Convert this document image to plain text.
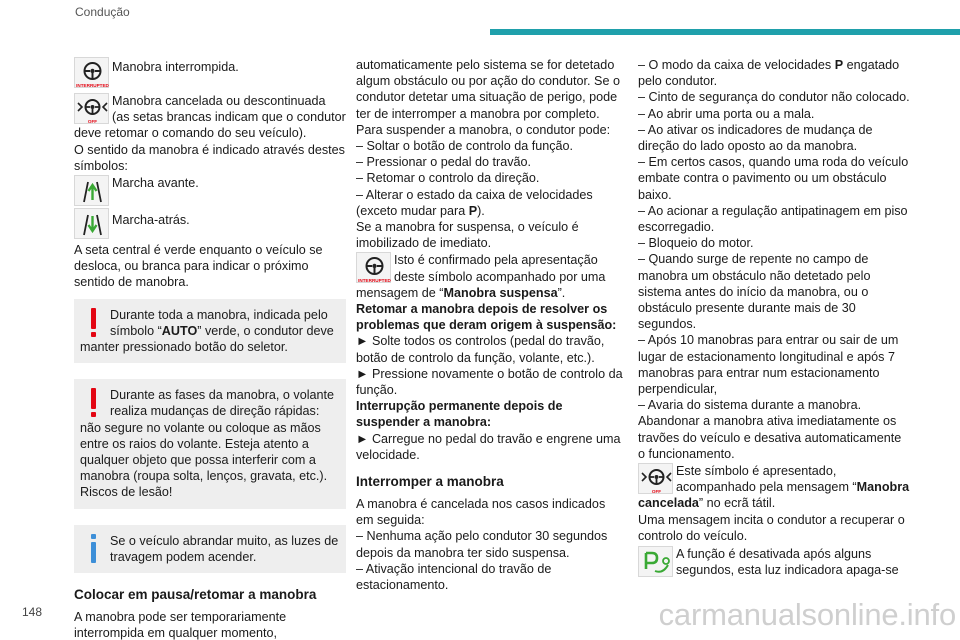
Condução
INTERRUPTED

Manobra interrompida.

OFF

Manobra cancelada ou descontinuada (as setas brancas indicam que o condutor deve retomar o comando do seu veículo).

O sentido da manobra é indicado através destes símbolos:

Marcha avante.

Marcha-atrás.

A seta central é verde enquanto o veículo se desloca, ou branca para indicar o próximo sentido de manobra.

Durante toda a manobra, indicada pelo símbolo “AUTO” verde, o condutor deve manter pressionado botão do seletor.

Durante as fases da manobra, o volante realiza mudanças de direção rápidas: não segure no volante ou coloque as mãos entre os raios do volante. Esteja atento a qualquer objeto que possa interferir com a manobra (roupa solta, lenços, gravata, etc.). Riscos de lesão!

Se o veículo abrandar muito, as luzes de travagem podem acender.

Colocar em pausa/retomar a manobra

A manobra pode ser temporariamente interrompida em qualquer momento,

automaticamente pelo sistema se for detetado algum obstáculo ou por ação do condutor. Se o condutor detetar uma situação de perigo, pode ter de interromper a manobra por completo.

Para suspender a manobra, o condutor pode:

– Soltar o botão de controlo da função.

– Pressionar o pedal do travão.

– Retomar o controlo da direção.

– Alterar o estado da caixa de velocidades (exceto mudar para P).

Se a manobra for suspensa, o veículo é imobilizado de imediato.

INTERRUPTED

Isto é confirmado pela apresentação deste símbolo acompanhado por uma mensagem de “Manobra suspensa”.

Retomar a manobra depois de resolver os problemas que deram origem à suspensão:

► Solte todos os controlos (pedal do travão, botão de controlo da função, volante, etc.).

► Pressione novamente o botão de controlo da função.

Interrupção permanente depois de suspender a manobra:

► Carregue no pedal do travão e engrene uma velocidade.

Interromper a manobra

A manobra é cancelada nos casos indicados em seguida:

– Nenhuma ação pelo condutor 30 segundos depois da manobra ter sido suspensa.

– Ativação intencional do travão de estacionamento.

– O modo da caixa de velocidades P engatado pelo condutor.

– Cinto de segurança do condutor não colocado.

– Ao abrir uma porta ou a mala.

– Ao ativar os indicadores de mudança de direção do lado oposto ao da manobra.

– Em certos casos, quando uma roda do veículo embate contra o pavimento ou um obstáculo baixo.

– Ao acionar a regulação antipatinagem em piso escorregadio.

– Bloqueio do motor.

– Quando surge de repente no campo de manobra um obstáculo não detetado pelo sistema antes do início da manobra, ou o obstáculo presente durante mais de 30 segundos.

– Após 10 manobras para entrar ou sair de um lugar de estacionamento longitudinal e após 7 manobras para entrar num estacionamento perpendicular,

– Avaria do sistema durante a manobra.

Abandonar a manobra ativa imediatamente os travões do veículo e desativa automaticamente o funcionamento.

OFF

Este símbolo é apresentado, acompanhado pela mensagem “Manobra cancelada” no ecrã tátil.

Uma mensagem incita o condutor a recuperar o controlo do veículo.

A função é desativada após alguns segundos, esta luz indicadora apaga-se

148	carmanualsonline.info
